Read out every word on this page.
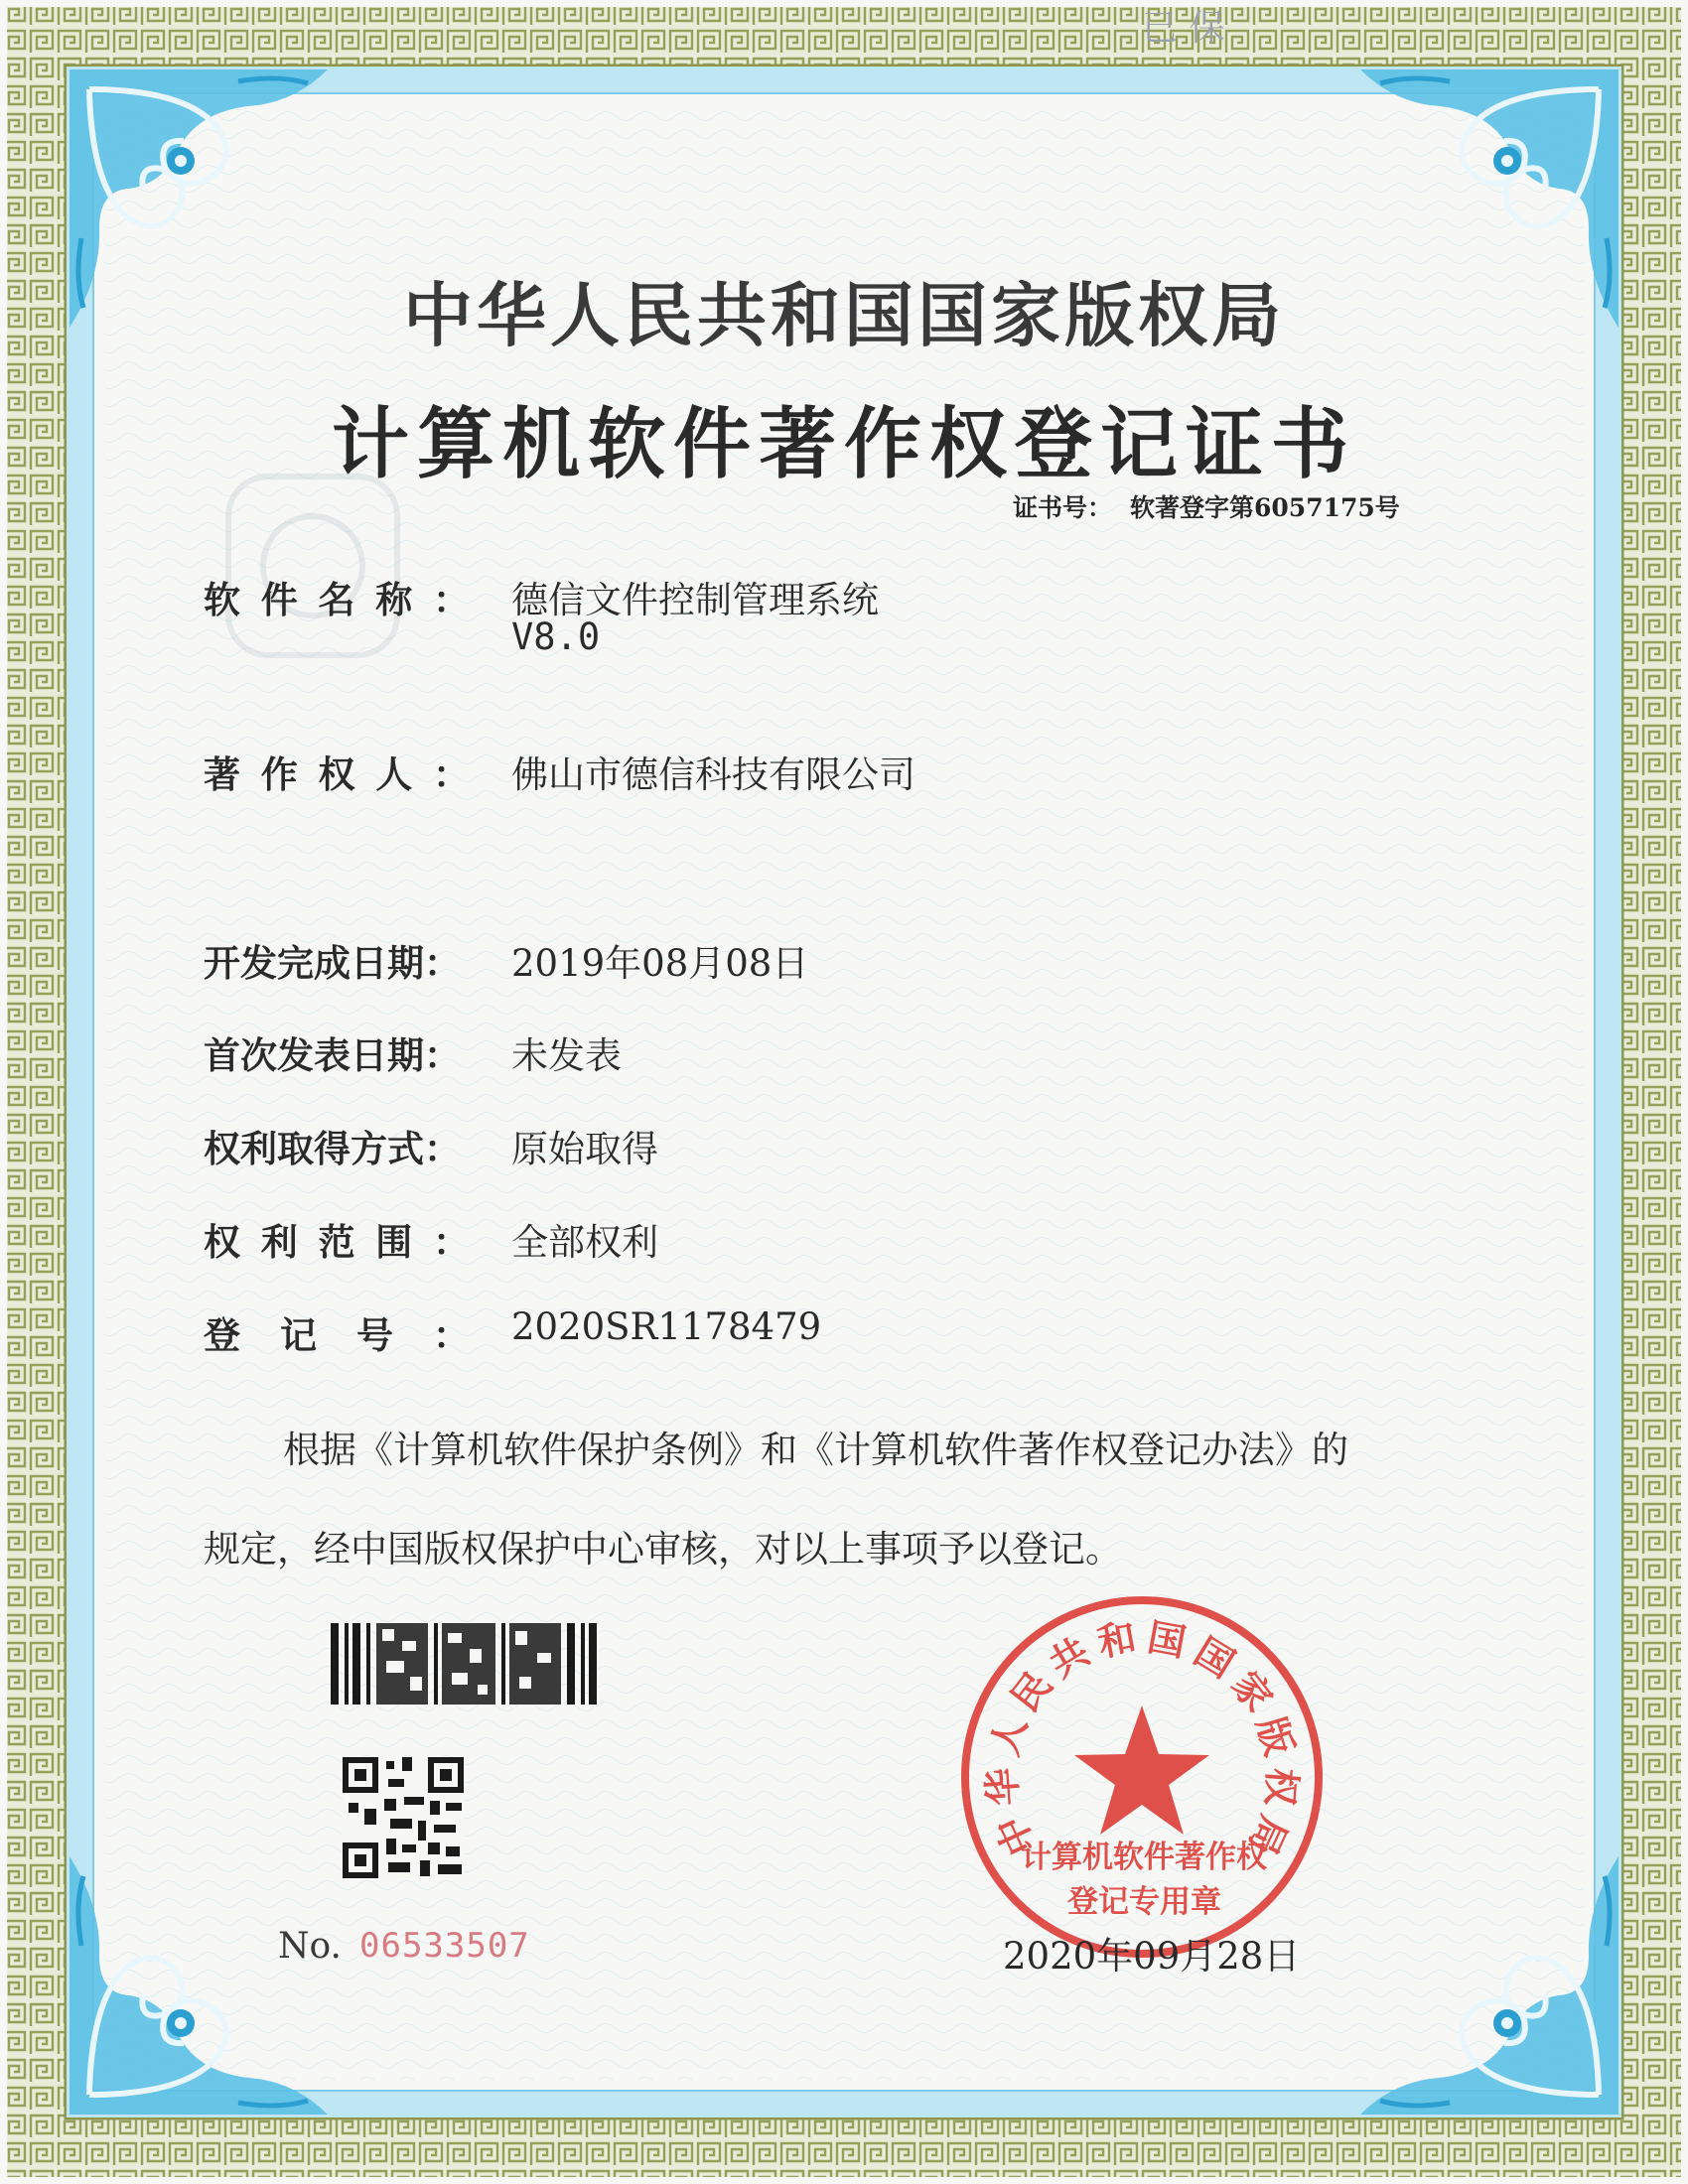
中
华
人
民
共
和 国
国
家
版
权
局
已 保
中华人民共和国国家版权局
计算机软件著作权登记证书
证书号： 软著登字第6057175号
软件名称： 德信文件控制管理系统
V8.0
著作权人： 佛山市德信科技有限公司
开发完成日期： 2019年08月08日
首次发表日期： 未发表
权利取得方式： 原始取得
权利范围： 全部权利
登记号： 2020SR1178479
根据《计算机软件保护条例》和《计算机软件著作权登记办法》的
规定，经中国版权保护中心审核，对以上事项予以登记。
No. 06533507
计算机软件著作权
登记专用章
2020年09月28日
